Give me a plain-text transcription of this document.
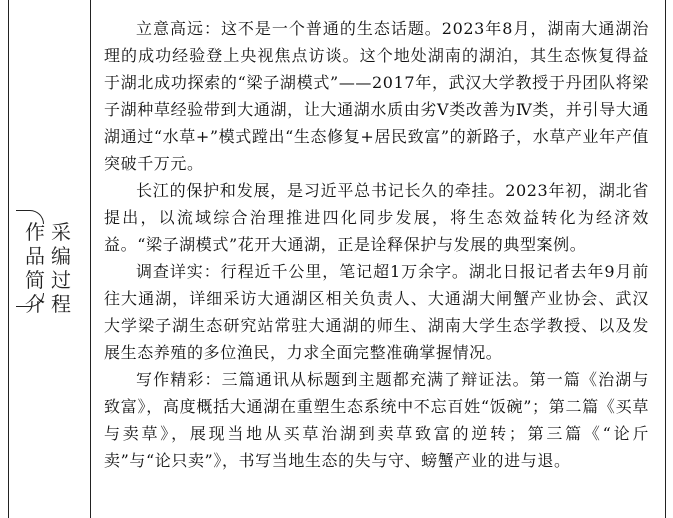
作
品
简
介
采
编
过
程

立意高远：这不是一个普通的生态话题。2023年8月，湖南大通湖治理的成功经验登上央视焦点访谈。这个地处湖南的湖泊，其生态恢复得益于湖北成功探索的“梁子湖模式”——2017年，武汉大学教授于丹团队将梁子湖种草经验带到大通湖，让大通湖水质由劣Ⅴ类改善为Ⅳ类，并引导大通湖通过“水草+”模式蹚出“生态修复+居民致富”的新路子，水草产业年产值突破千万元。

长江的保护和发展，是习近平总书记长久的牵挂。2023年初，湖北省提出，以流域综合治理推进四化同步发展，将生态效益转化为经济效益。“梁子湖模式”花开大通湖，正是诠释保护与发展的典型案例。

调查详实：行程近千公里，笔记超1万余字。湖北日报记者去年9月前往大通湖，详细采访大通湖区相关负责人、大通湖大闸蟹产业协会、武汉大学梁子湖生态研究站常驻大通湖的师生、湖南大学生态学教授、以及发展生态养殖的多位渔民，力求全面完整准确掌握情况。

写作精彩：三篇通讯从标题到主题都充满了辩证法。第一篇《治湖与致富》，高度概括大通湖在重塑生态系统中不忘百姓“饭碗”；第二篇《买草与卖草》，展现当地从买草治湖到卖草致富的逆转；第三篇《“论斤卖”与“论只卖”》，书写当地生态的失与守、螃蟹产业的进与退。
